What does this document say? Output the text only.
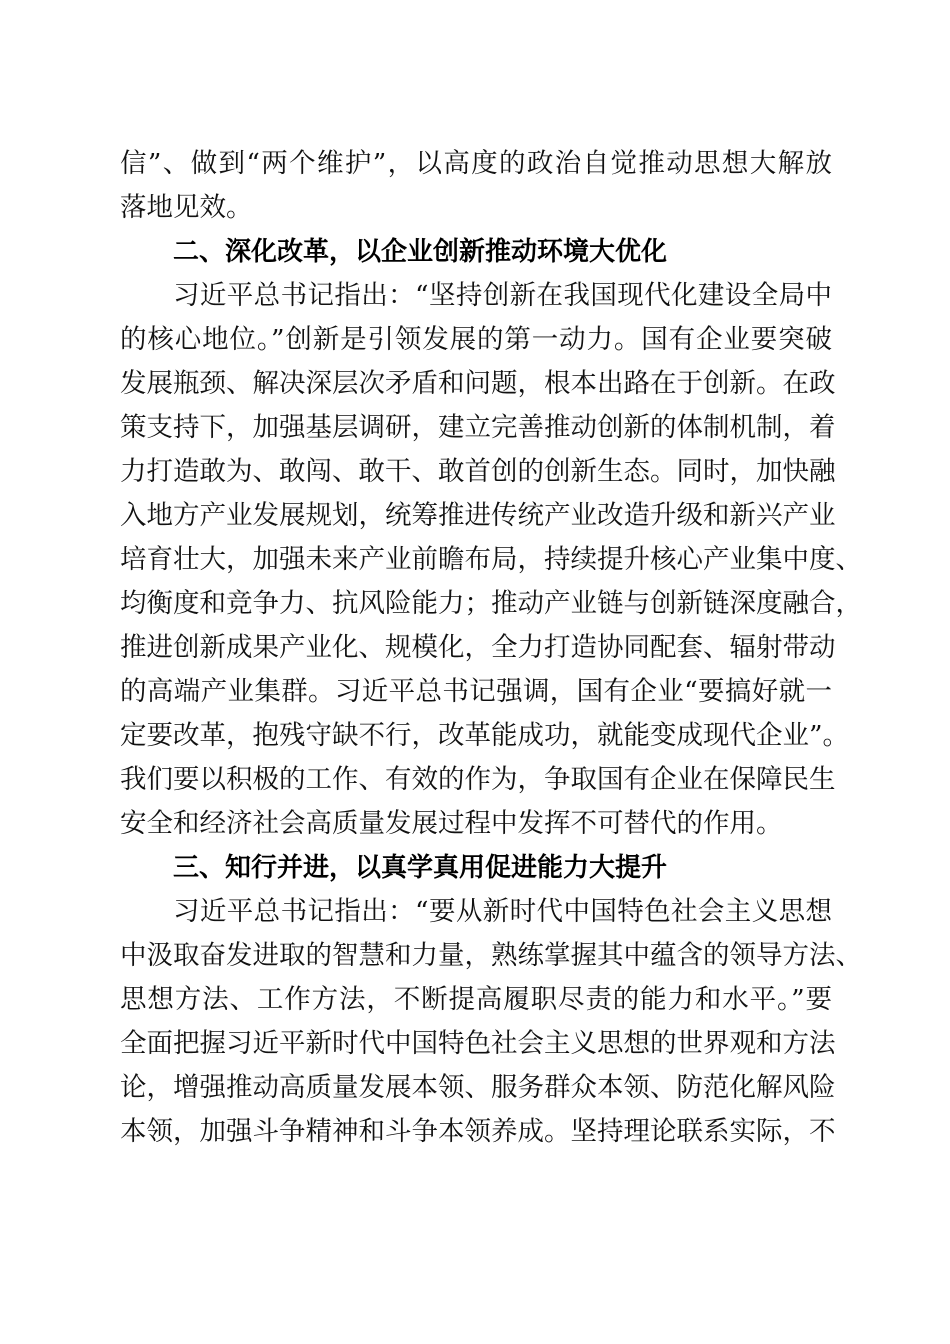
信”、做到“两个维护”，以高度的政治自觉推动思想大解放
落地见效。

二、深化改革，以企业创新推动环境大优化

习近平总书记指出：“坚持创新在我国现代化建设全局中
的核心地位。”创新是引领发展的第一动力。国有企业要突破
发展瓶颈、解决深层次矛盾和问题，根本出路在于创新。在政
策支持下，加强基层调研，建立完善推动创新的体制机制，着
力打造敢为、敢闯、敢干、敢首创的创新生态。同时，加快融
入地方产业发展规划，统筹推进传统产业改造升级和新兴产业
培育壮大，加强未来产业前瞻布局，持续提升核心产业集中度、
均衡度和竞争力、抗风险能力；推动产业链与创新链深度融合，
推进创新成果产业化、规模化，全力打造协同配套、辐射带动
的高端产业集群。习近平总书记强调，国有企业“要搞好就一
定要改革，抱残守缺不行，改革能成功，就能变成现代企业”。
我们要以积极的工作、有效的作为，争取国有企业在保障民生
安全和经济社会高质量发展过程中发挥不可替代的作用。

三、知行并进，以真学真用促进能力大提升

习近平总书记指出：“要从新时代中国特色社会主义思想
中汲取奋发进取的智慧和力量，熟练掌握其中蕴含的领导方法、
思想方法、工作方法，不断提高履职尽责的能力和水平。”要
全面把握习近平新时代中国特色社会主义思想的世界观和方法
论，增强推动高质量发展本领、服务群众本领、防范化解风险
本领，加强斗争精神和斗争本领养成。坚持理论联系实际，不
